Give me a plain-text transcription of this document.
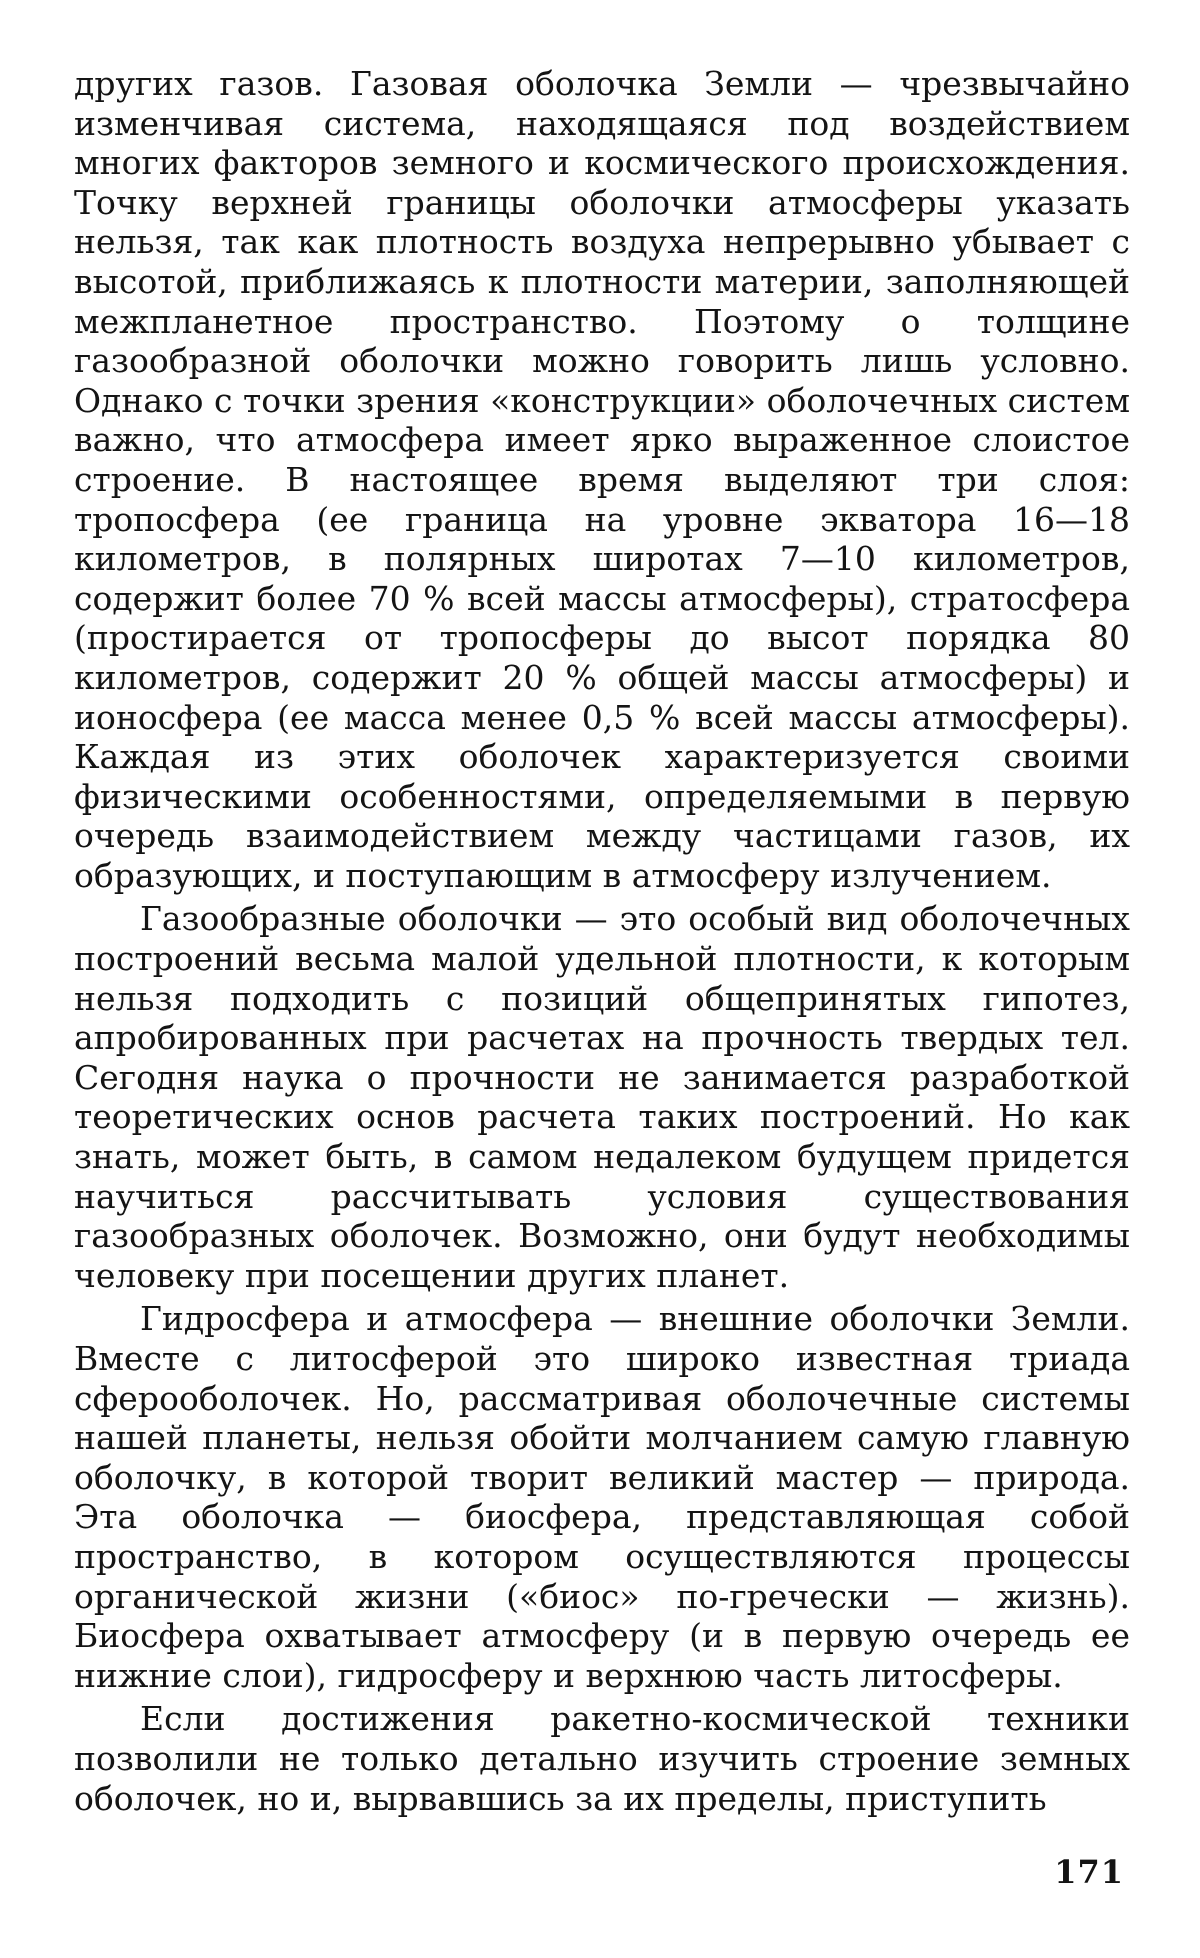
других газов. Газовая оболочка Земли — чрезвычайно изменчивая система, находящаяся под воздействием многих факторов земного и космического происхождения. Точку верхней границы оболочки атмосферы указать нельзя, так как плотность воздуха непрерывно убывает с высотой, приближаясь к плотности материи, заполняющей межпланетное пространство. Поэтому о толщине газообразной оболочки можно говорить лишь условно. Однако с точки зрения «конструкции» оболочечных систем важно, что атмосфера имеет ярко выраженное слоистое строение. В настоящее время выделяют три слоя: тропосфера (ее граница на уровне экватора 16—18 километров, в полярных широтах 7—10 километров, содержит более 70 % всей массы атмосферы), стратосфера (простирается от тропосферы до высот порядка 80 километров, содержит 20 % общей массы атмосферы) и ионосфера (ее масса менее 0,5 % всей массы атмосферы). Каждая из этих оболочек характеризуется своими физическими особенностями, определяемыми в первую очередь взаимодействием между частицами газов, их образующих, и поступающим в атмосферу излучением.

Газообразные оболочки — это особый вид оболочечных построений весьма малой удельной плотности, к которым нельзя подходить с позиций общепринятых гипотез, апробированных при расчетах на прочность твердых тел. Сегодня наука о прочности не занимается разработкой теоретических основ расчета таких построений. Но как знать, может быть, в самом недалеком будущем придется научиться рассчитывать условия существования газообразных оболочек. Возможно, они будут необходимы человеку при посещении других планет.

Гидросфера и атмосфера — внешние оболочки Земли. Вместе с литосферой это широко известная триада сферооболочек. Но, рассматривая оболочечные системы нашей планеты, нельзя обойти молчанием самую главную оболочку, в которой творит великий мастер — природа. Эта оболочка — биосфера, представляющая собой пространство, в котором осуществляются процессы органической жизни («биос» по-гречески — жизнь). Биосфера охватывает атмосферу (и в первую очередь ее нижние слои), гидросферу и верхнюю часть литосферы.

Если достижения ракетно-космической техники позволили не только детально изучить строение земных оболочек, но и, вырвавшись за их пределы, приступить

171
